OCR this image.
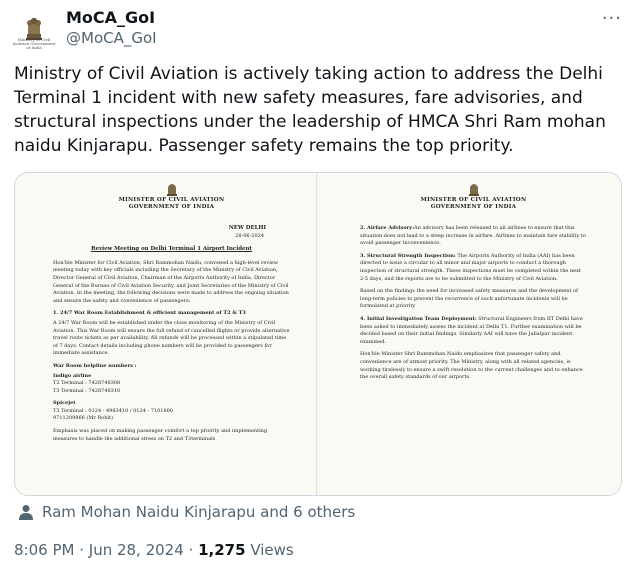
Ministry of Civil Aviation Government of India
MoCA_GoI
@MoCA_GoI
···
Ministry of Civil Aviation is actively taking action to address the Delhi Terminal 1 incident with new safety measures, fare advisories, and structural inspections under the leadership of HMCA Shri Ram mohan naidu Kinjarapu. Passenger safety remains the top priority.
MINISTER OF CIVIL AVIATION
GOVERNMENT OF INDIA
NEW DELHI
28-06-2024
Review Meeting on Delhi Terminal 1 Airport Incident

Hon'ble Minister for Civil Aviation, Shri Rammohan Naidu, convened a high-level review meeting today with key officials including the Secretary of the Ministry of Civil Aviation, Director General of Civil Aviation, Chairman of the Airports Authority of India, Director General of the Bureau of Civil Aviation Security, and Joint Secretaries of the Ministry of Civil Aviation. In the meeting, the following decisions were made to address the ongoing situation and ensure the safety and convenience of passengers:

1. 24/7 War Room Establishment & efficient management of T2 & T3

A 24/7 War Room will be established under the close monitoring of the Ministry of Civil Aviation. This War Room will ensure the full refund of cancelled flights or provide alternative travel route tickets as per availability. All refunds will be processed within a stipulated time of 7 days. Contact details including phone numbers will be provided to passengers for immediate assistance.

War Room helpline numbers :

Indigo airline

T2 Terminal : 7428748308

T3 Terminal : 7428748310

Spicejet

T3 Terminal : 0124 - 4983410 / 0124 - 7101600

9711209866 (Mr Rohit)

Emphasis was placed on making passenger comfort a top priority and implementing measures to handle the additional stress on T2 and T3terminals

MINISTER OF CIVIL AVIATION
GOVERNMENT OF INDIA

2. Airfare Advisory:An advisory has been released to all airlines to ensure that this situation does not lead to a steep increase in airfare. Airlines to maintain fare stability to avoid passenger inconvenience.

3. Structural Strength Inspection: The Airports Authority of India (AAI) has been directed to issue a circular to all minor and major airports to conduct a thorough inspection of structural strength. These inspections must be completed within the next 2-5 days, and the reports are to be submitted to the Ministry of Civil Aviation.

Based on the findings the need for increased safety measures and the development of long-term policies to prevent the recurrence of such unfortunate incidents will be formulated at priority

4. Initial Investigation Team Deployment: Structural Engineers from IIT Delhi have been asked to immediately assess the incident at Delhi T1. Further examination will be decided based on their initial findings. Similarly AAI will have the Jabalpur incident examined.

Hon'ble Minister Shri Rammohan Naidu emphasizes that passenger safety and convenience are of utmost priority. The Ministry, along with all related agencies, is working tirelessly to ensure a swift resolution to the current challenges and to enhance the overall safety standards of our airports.

Ram Mohan Naidu Kinjarapu and 6 others
8:06 PM · Jun 28, 2024 · 1,275 Views
